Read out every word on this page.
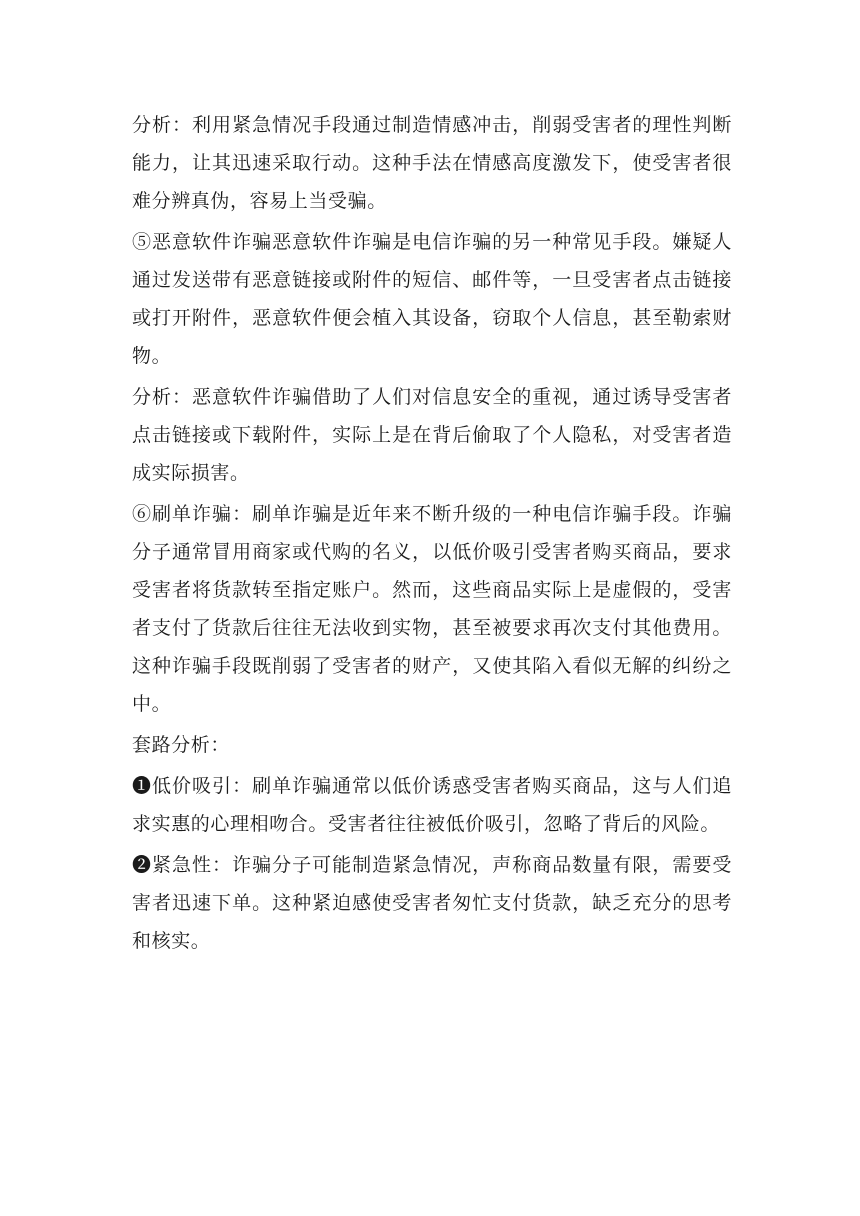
分析：利用紧急情况手段通过制造情感冲击，削弱受害者的理性判断能力，让其迅速采取行动。这种手法在情感高度激发下，使受害者很难分辨真伪，容易上当受骗。

⑤恶意软件诈骗恶意软件诈骗是电信诈骗的另一种常见手段。嫌疑人通过发送带有恶意链接或附件的短信、邮件等，一旦受害者点击链接或打开附件，恶意软件便会植入其设备，窃取个人信息，甚至勒索财物。

分析：恶意软件诈骗借助了人们对信息安全的重视，通过诱导受害者点击链接或下载附件，实际上是在背后偷取了个人隐私，对受害者造成实际损害。

⑥刷单诈骗：刷单诈骗是近年来不断升级的一种电信诈骗手段。诈骗分子通常冒用商家或代购的名义，以低价吸引受害者购买商品，要求受害者将货款转至指定账户。然而，这些商品实际上是虚假的，受害者支付了货款后往往无法收到实物，甚至被要求再次支付其他费用。这种诈骗手段既削弱了受害者的财产，又使其陷入看似无解的纠纷之中。

套路分析：

❶低价吸引：刷单诈骗通常以低价诱惑受害者购买商品，这与人们追求实惠的心理相吻合。受害者往往被低价吸引，忽略了背后的风险。

❷紧急性：诈骗分子可能制造紧急情况，声称商品数量有限，需要受害者迅速下单。这种紧迫感使受害者匆忙支付货款，缺乏充分的思考和核实。
